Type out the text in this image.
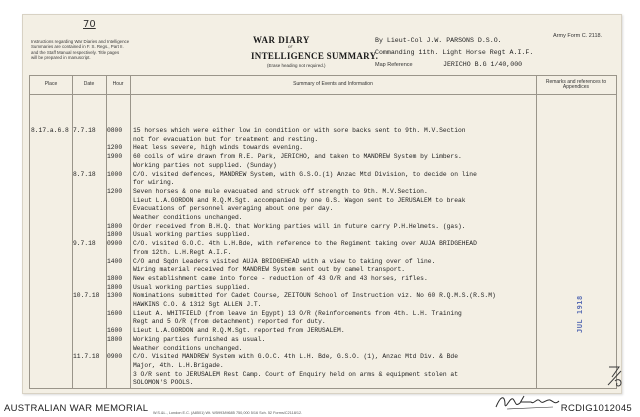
70
Instructions regarding War Diaries and Intelligence
Summaries are contained in F. S. Regs., Part II.
and the Staff Manual respectively. Title pages
will be prepared in manuscript.
WAR DIARY
or
INTELLIGENCE SUMMARY.
(Erase heading not required.)
Army Form C. 2118.
By Lieut-Col J.W. PARSONS D.S.O.
Commanding 11th. Light Horse Regt A.I.F.
Map Reference	JERICHO B.G 1/40,000
Place	Date	Hour	Summary of Events and Information	Remarks and references to Appendices
8.17.a.6.8 7.7.18 0800 15 horses which were either low in condition or with sore backs sent to 9th. M.V.Section
not for evacuation but for treatment and resting.
1200 Heat less severe, high winds towards evening.
1900 60 coils of wire drawn from R.E. Park, JERICHO, and taken to MANDREW System by Limbers.
Working parties not supplied. (Sunday)
8.7.18 1000 C/O. visited defences, MANDREW System, with G.S.O.(1) Anzac Mtd Division, to decide on line
for wiring.
1200 Seven horses & one mule evacuated and struck off strength to 9th. M.V.Section.
Lieut L.A.GORDON and R.Q.M.Sgt. accompanied by one G.S. Wagon sent to JERUSALEM to break
Evacuations of personnel averaging about one per day.
Weather conditions unchanged.
1800 Order received from B.H.Q. that Working parties will in future carry P.H.Helmets. (gas).
1800 Usual working parties supplied.
9.7.18 0900 C/O. visited G.O.C. 4th L.H.Bde, with reference to the Regiment taking over AUJA BRIDGEHEAD
from 12th. L.H.Regt A.I.F.
1400 C/O and Sqdn Leaders visited AUJA BRIDGEHEAD with a view to taking over of line.
Wiring material received for MANDREW System sent out by camel transport.
1800 New establishment came into force - reduction of 43 O/R and 43 horses, rifles.
1800 Usual working parties supplied.
10.7.18 1300 Nominations submitted for Cadet Course, ZEITOUN School of Instruction viz. No 60 R.Q.M.S.(R.S.M)
HAWKINS C.O. & 1312 Sgt ALLEN J.T.
1600 Lieut A. WHITFIELD (from leave in Egypt) 13 O/R (Reinforcements from 4th. L.H. Training
Regt and 5 O/R (from detachment) reported for duty.
1600 Lieut L.A.GORDON and R.Q.M.Sgt. reported from JERUSALEM.
1800 Working parties furnished as usual.
Weather conditions unchanged.
11.7.18 0900 C/O. Visited MANDREW System with G.O.C. 4th L.H. Bde, G.S.O. (1), Anzac Mtd Div. & Bde
Major, 4th. L.H.Brigade.
3 O/R sent to JERUSALEM Rest Camp. Court of Enquiry held on arms & equipment stolen at
SOLOMON'S POOLS.
JUL 1918
W.S.&L., London E.C. (A8501) Wt. W5993/M685 750,000 5/16 Sch. 52 Forms/C2118/12.
AUSTRALIAN WAR MEMORIAL	RCDIG1012045
